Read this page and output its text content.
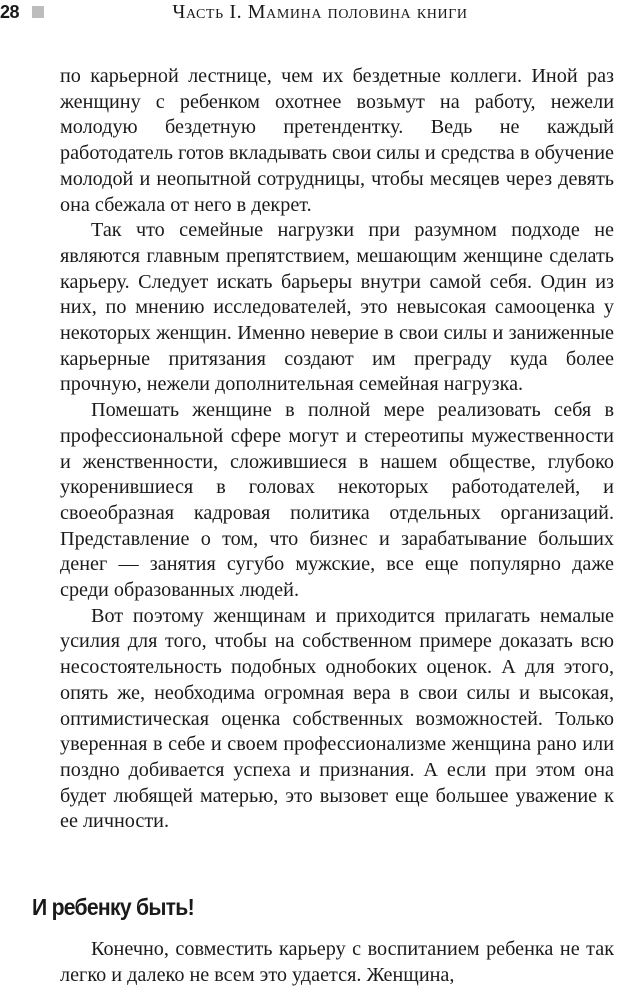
28	Часть I. Мамина половина книги

по карьерной лестнице, чем их бездетные коллеги. Иной раз женщину с ребенком охотнее возьмут на работу, нежели молодую бездетную претендентку. Ведь не каждый работодатель готов вкладывать свои силы и средства в обучение молодой и неопытной сотрудницы, чтобы месяцев через девять она сбежала от него в декрет.

Так что семейные нагрузки при разумном подходе не являются главным препятствием, мешающим женщине сделать карьеру. Следует искать барьеры внутри самой себя. Один из них, по мнению исследователей, это невысокая самооценка у некоторых женщин. Именно неверие в свои силы и заниженные карьерные притязания создают им преграду куда более прочную, нежели дополнительная семейная нагрузка.

Помешать женщине в полной мере реализовать себя в профессиональной сфере могут и стереотипы мужественности и женственности, сложившиеся в нашем обществе, глубоко укоренившиеся в головах некоторых работодателей, и своеобразная кадровая политика отдельных организаций. Представление о том, что бизнес и зарабатывание больших денег — занятия сугубо мужские, все еще популярно даже среди образованных людей.

Вот поэтому женщинам и приходится прилагать немалые усилия для того, чтобы на собственном примере доказать всю несостоятельность подобных однобоких оценок. А для этого, опять же, необходима огромная вера в свои силы и высокая, оптимистическая оценка собственных возможностей. Только уверенная в себе и своем профессионализме женщина рано или поздно добивается успеха и признания. А если при этом она будет любящей матерью, это вызовет еще большее уважение к ее личности.

И ребенку быть!

Конечно, совместить карьеру с воспитанием ребенка не так легко и далеко не всем это удается. Женщина,
